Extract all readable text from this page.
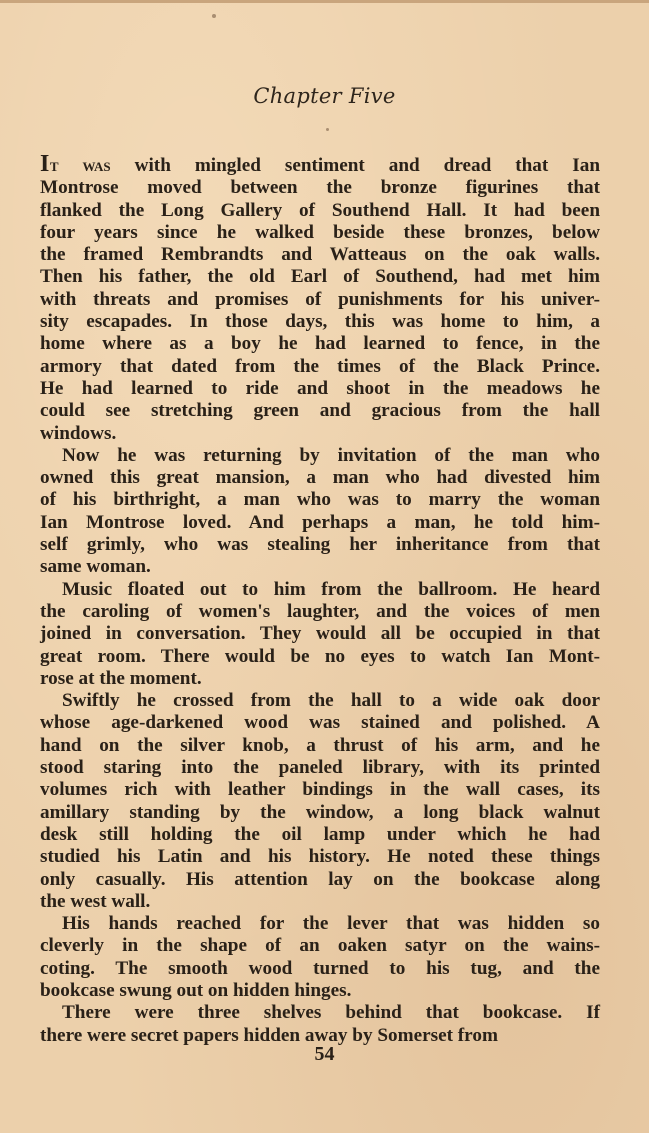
Chapter Five

It was with mingled sentiment and dread that Ian
Montrose moved between the bronze figurines that
flanked the Long Gallery of Southend Hall. It had been
four years since he walked beside these bronzes, below
the framed Rembrandts and Watteaus on the oak walls.
Then his father, the old Earl of Southend, had met him
with threats and promises of punishments for his univer-
sity escapades. In those days, this was home to him, a
home where as a boy he had learned to fence, in the
armory that dated from the times of the Black Prince.
He had learned to ride and shoot in the meadows he
could see stretching green and gracious from the hall
windows.

Now he was returning by invitation of the man who
owned this great mansion, a man who had divested him
of his birthright, a man who was to marry the woman
Ian Montrose loved. And perhaps a man, he told him-
self grimly, who was stealing her inheritance from that
same woman.

Music floated out to him from the ballroom. He heard
the caroling of women's laughter, and the voices of men
joined in conversation. They would all be occupied in that
great room. There would be no eyes to watch Ian Mont-
rose at the moment.

Swiftly he crossed from the hall to a wide oak door
whose age-darkened wood was stained and polished. A
hand on the silver knob, a thrust of his arm, and he
stood staring into the paneled library, with its printed
volumes rich with leather bindings in the wall cases, its
amillary standing by the window, a long black walnut
desk still holding the oil lamp under which he had
studied his Latin and his history. He noted these things
only casually. His attention lay on the bookcase along
the west wall.

His hands reached for the lever that was hidden so
cleverly in the shape of an oaken satyr on the wains-
coting. The smooth wood turned to his tug, and the
bookcase swung out on hidden hinges.

There were three shelves behind that bookcase. If
there were secret papers hidden away by Somerset from

54
